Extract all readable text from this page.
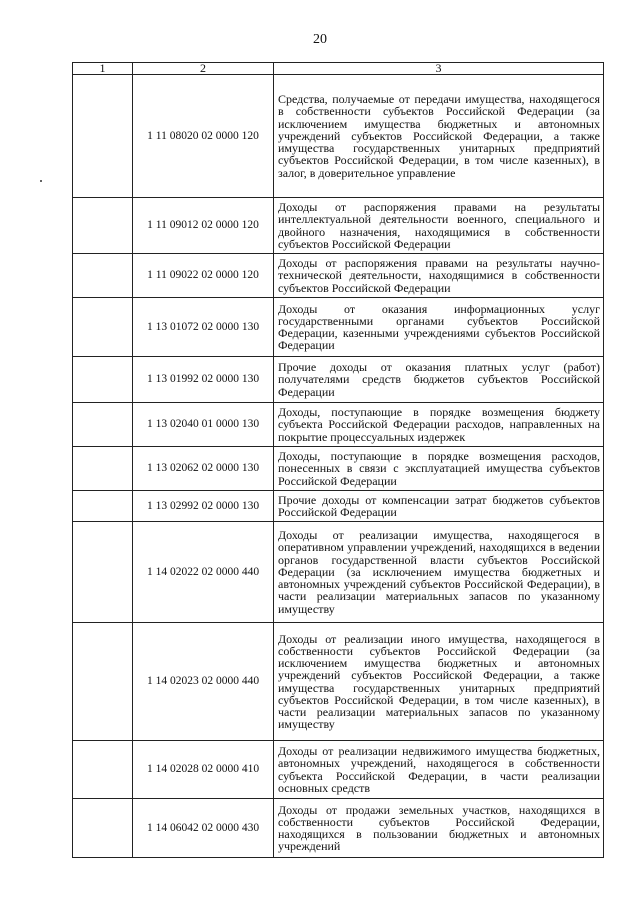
20
1	2	3
	1 11 08020 02 0000 120	Средства, получаемые от передачи имущества, находящегося в собственности субъектов Российской Федерации (за исключением имущества бюджетных и автономных учреждений субъектов Российской Федерации, а также имущества государственных унитарных предприятий субъектов Российской Федерации, в том числе казенных), в залог, в доверительное управление
	1 11 09012 02 0000 120	Доходы от распоряжения правами на результаты интеллектуальной деятельности военного, специального и двойного назначения, находящимися в собственности субъектов Российской Федерации
	1 11 09022 02 0000 120	Доходы от распоряжения правами на результаты научно-технической деятельности, находящимися в собственности субъектов Российской Федерации
	1 13 01072 02 0000 130	Доходы от оказания информационных услуг государственными органами субъектов Российской Федерации, казенными учреждениями субъектов Российской Федерации
	1 13 01992 02 0000 130	Прочие доходы от оказания платных услуг (работ) получателями средств бюджетов субъектов Российской Федерации
	1 13 02040 01 0000 130	Доходы, поступающие в порядке возмещения бюджету субъекта Российской Федерации расходов, направленных на покрытие процессуальных издержек
	1 13 02062 02 0000 130	Доходы, поступающие в порядке возмещения расходов, понесенных в связи с эксплуатацией имущества субъектов Российской Федерации
	1 13 02992 02 0000 130	Прочие доходы от компенсации затрат бюджетов субъектов Российской Федерации
	1 14 02022 02 0000 440	Доходы от реализации имущества, находящегося в оперативном управлении учреждений, находящихся в ведении органов государственной власти субъектов Российской Федерации (за исключением имущества бюджетных и автономных учреждений субъектов Российской Федерации), в части реализации материальных запасов по указанному имуществу
	1 14 02023 02 0000 440	Доходы от реализации иного имущества, находящегося в собственности субъектов Российской Федерации (за исключением имущества бюджетных и автономных учреждений субъектов Российской Федерации, а также имущества государственных унитарных предприятий субъектов Российской Федерации, в том числе казенных), в части реализации материальных запасов по указанному имуществу
	1 14 02028 02 0000 410	Доходы от реализации недвижимого имущества бюджетных, автономных учреждений, находящегося в собственности субъекта Российской Федерации, в части реализации основных средств
	1 14 06042 02 0000 430	Доходы от продажи земельных участков, находящихся в собственности субъектов Российской Федерации, находящихся в пользовании бюджетных и автономных учреждений
